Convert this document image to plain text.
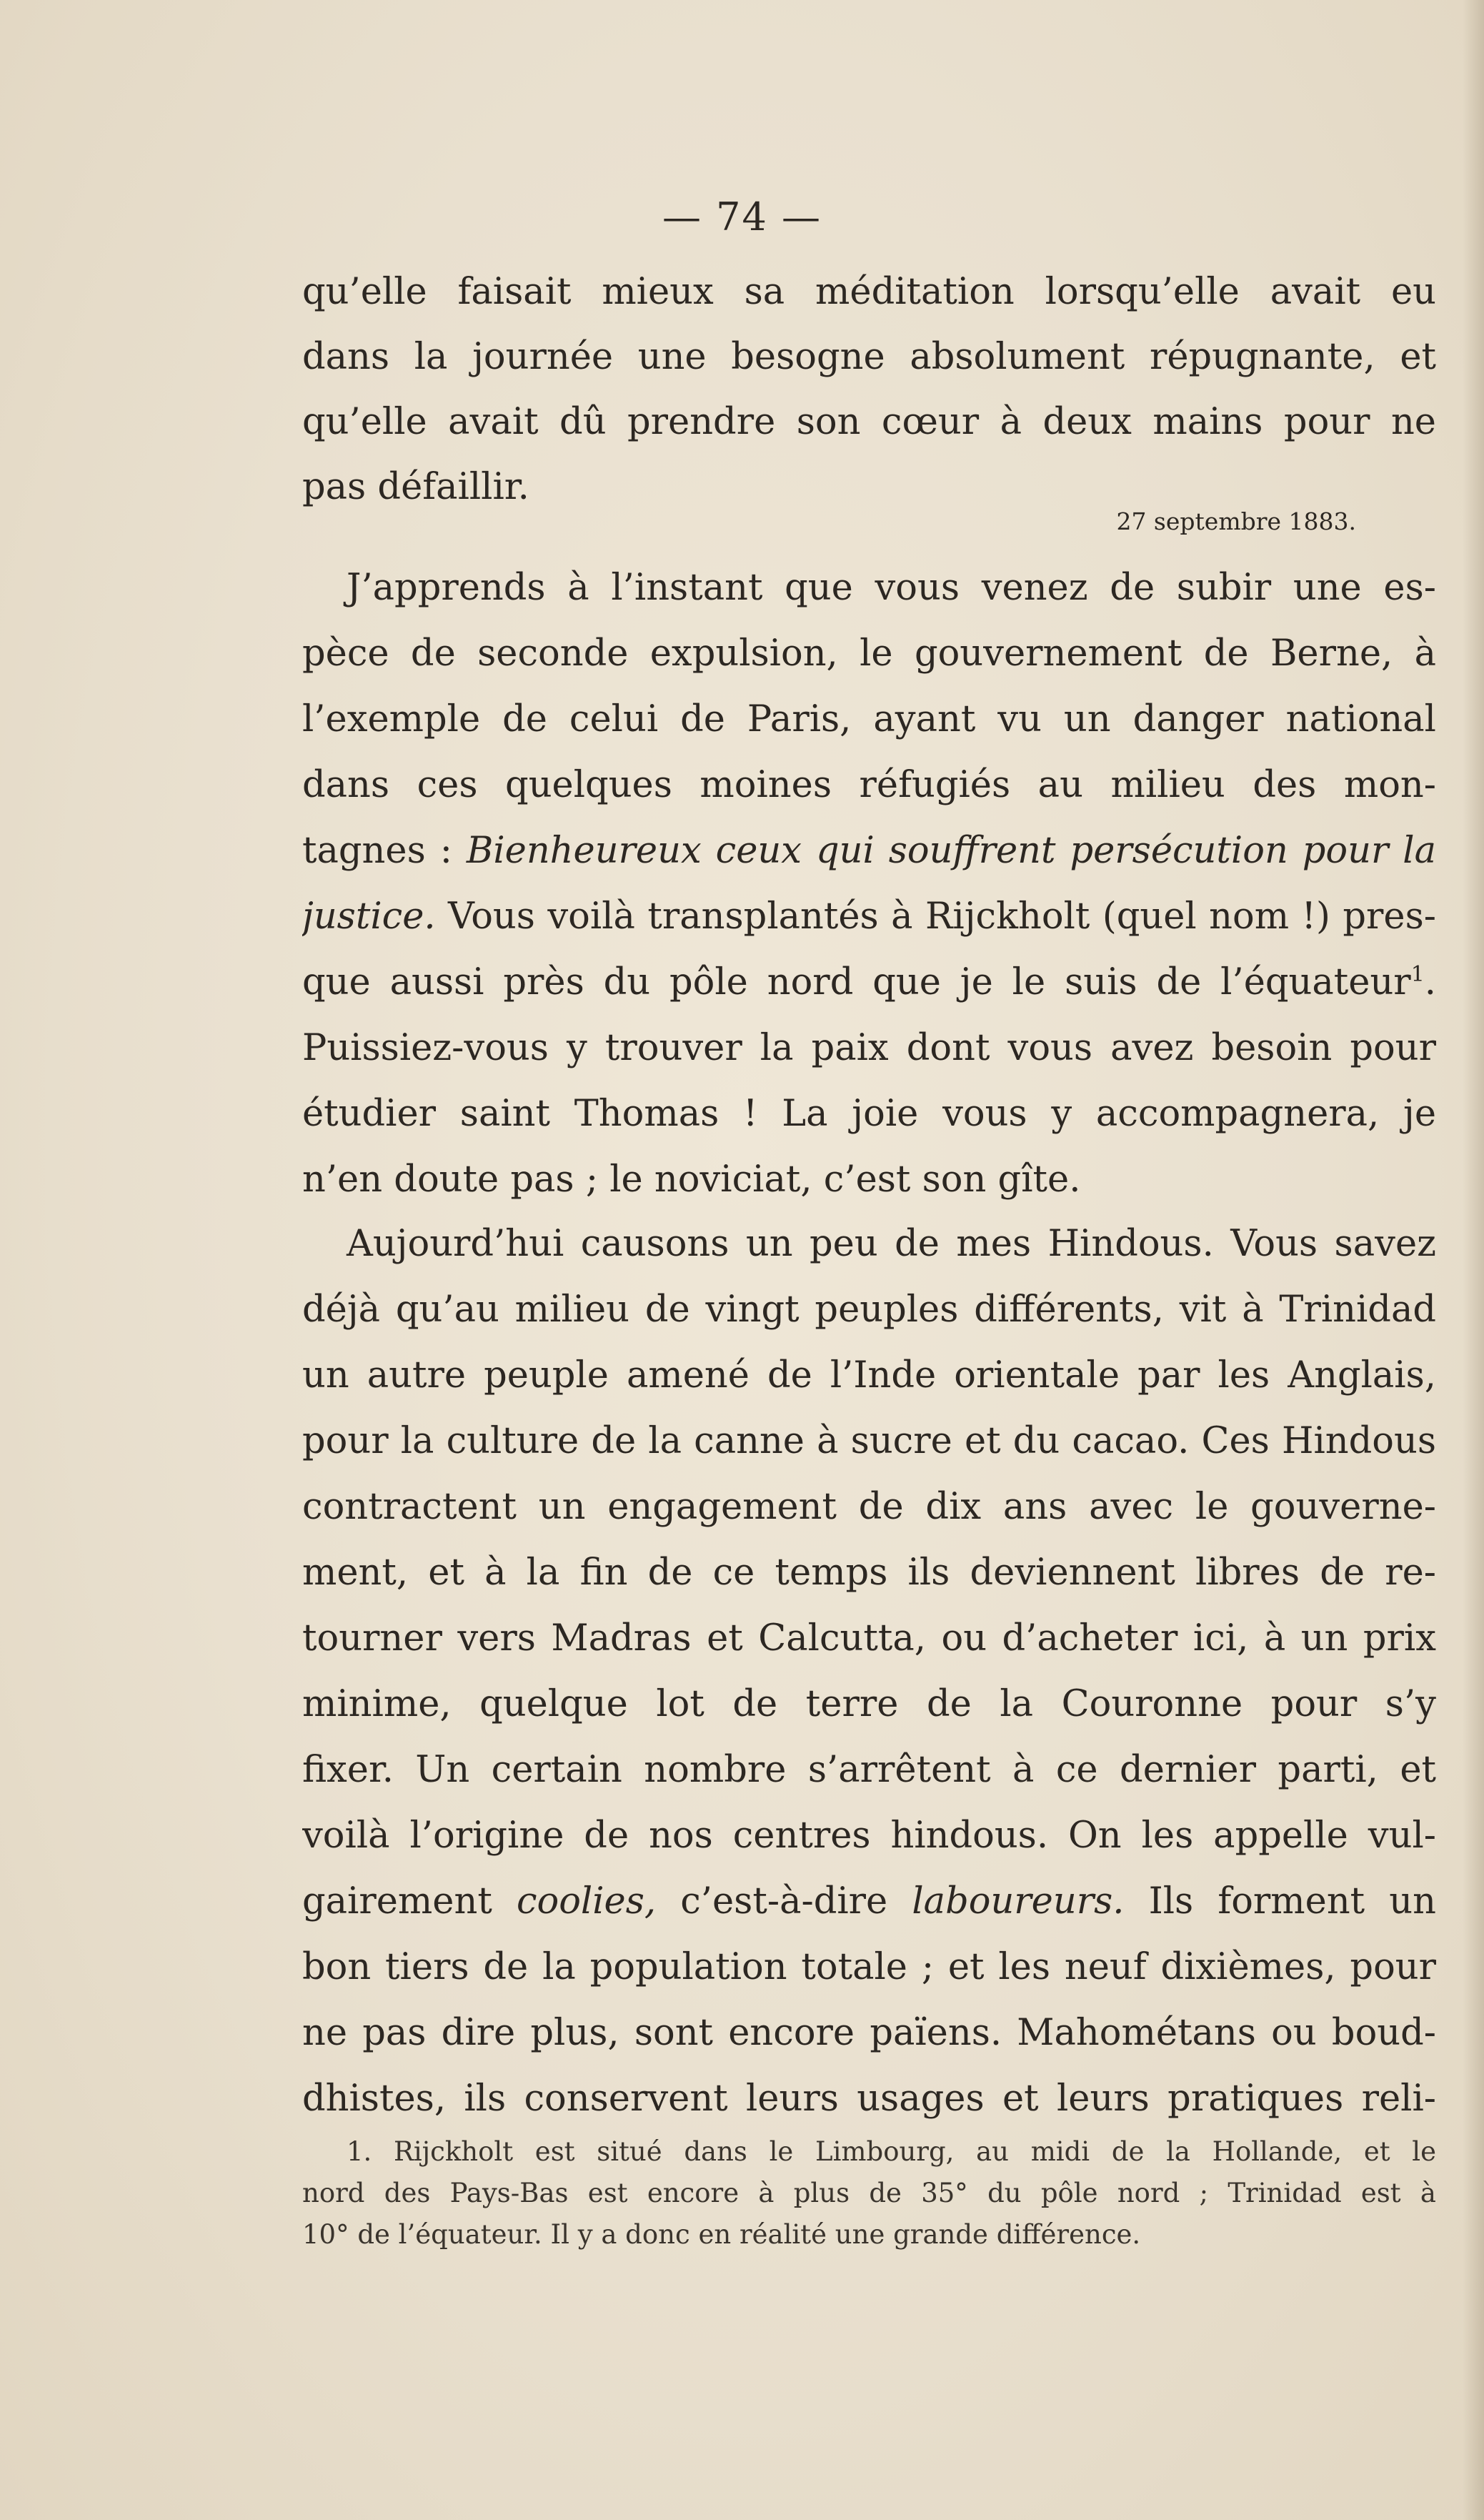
— 74 —
qu’elle faisait mieux sa méditation lorsqu’elle avait eu
dans la journée une besogne absolument répugnante, et
qu’elle avait dû prendre son cœur à deux mains pour ne
pas défaillir.
27 septembre 1883.
J’apprends à l’instant que vous venez de subir une es-
pèce de seconde expulsion, le gouvernement de Berne, à
l’exemple de celui de Paris, ayant vu un danger national
dans ces quelques moines réfugiés au milieu des mon-
tagnes : Bienheureux ceux qui souffrent persécution pour la
justice. Vous voilà transplantés à Rijckholt (quel nom !) pres-
que aussi près du pôle nord que je le suis de l’équateur$^1$.
Puissiez-vous y trouver la paix dont vous avez besoin pour
étudier saint Thomas ! La joie vous y accompagnera, je
n’en doute pas ; le noviciat, c’est son gîte.
Aujourd’hui causons un peu de mes Hindous. Vous savez
déjà qu’au milieu de vingt peuples différents, vit à Trinidad
un autre peuple amené de l’Inde orientale par les Anglais,
pour la culture de la canne à sucre et du cacao. Ces Hindous
contractent un engagement de dix ans avec le gouverne-
ment, et à la fin de ce temps ils deviennent libres de re-
tourner vers Madras et Calcutta, ou d’acheter ici, à un prix
minime, quelque lot de terre de la Couronne pour s’y
fixer. Un certain nombre s’arrêtent à ce dernier parti, et
voilà l’origine de nos centres hindous. On les appelle vul-
gairement coolies, c’est-à-dire laboureurs. Ils forment un
bon tiers de la population totale ; et les neuf dixièmes, pour
ne pas dire plus, sont encore païens. Mahométans ou boud-
dhistes, ils conservent leurs usages et leurs pratiques reli-
1. Rijckholt est situé dans le Limbourg, au midi de la Hollande, et le
nord des Pays-Bas est encore à plus de 35° du pôle nord ; Trinidad est à
10° de l’équateur. Il y a donc en réalité une grande différence.
